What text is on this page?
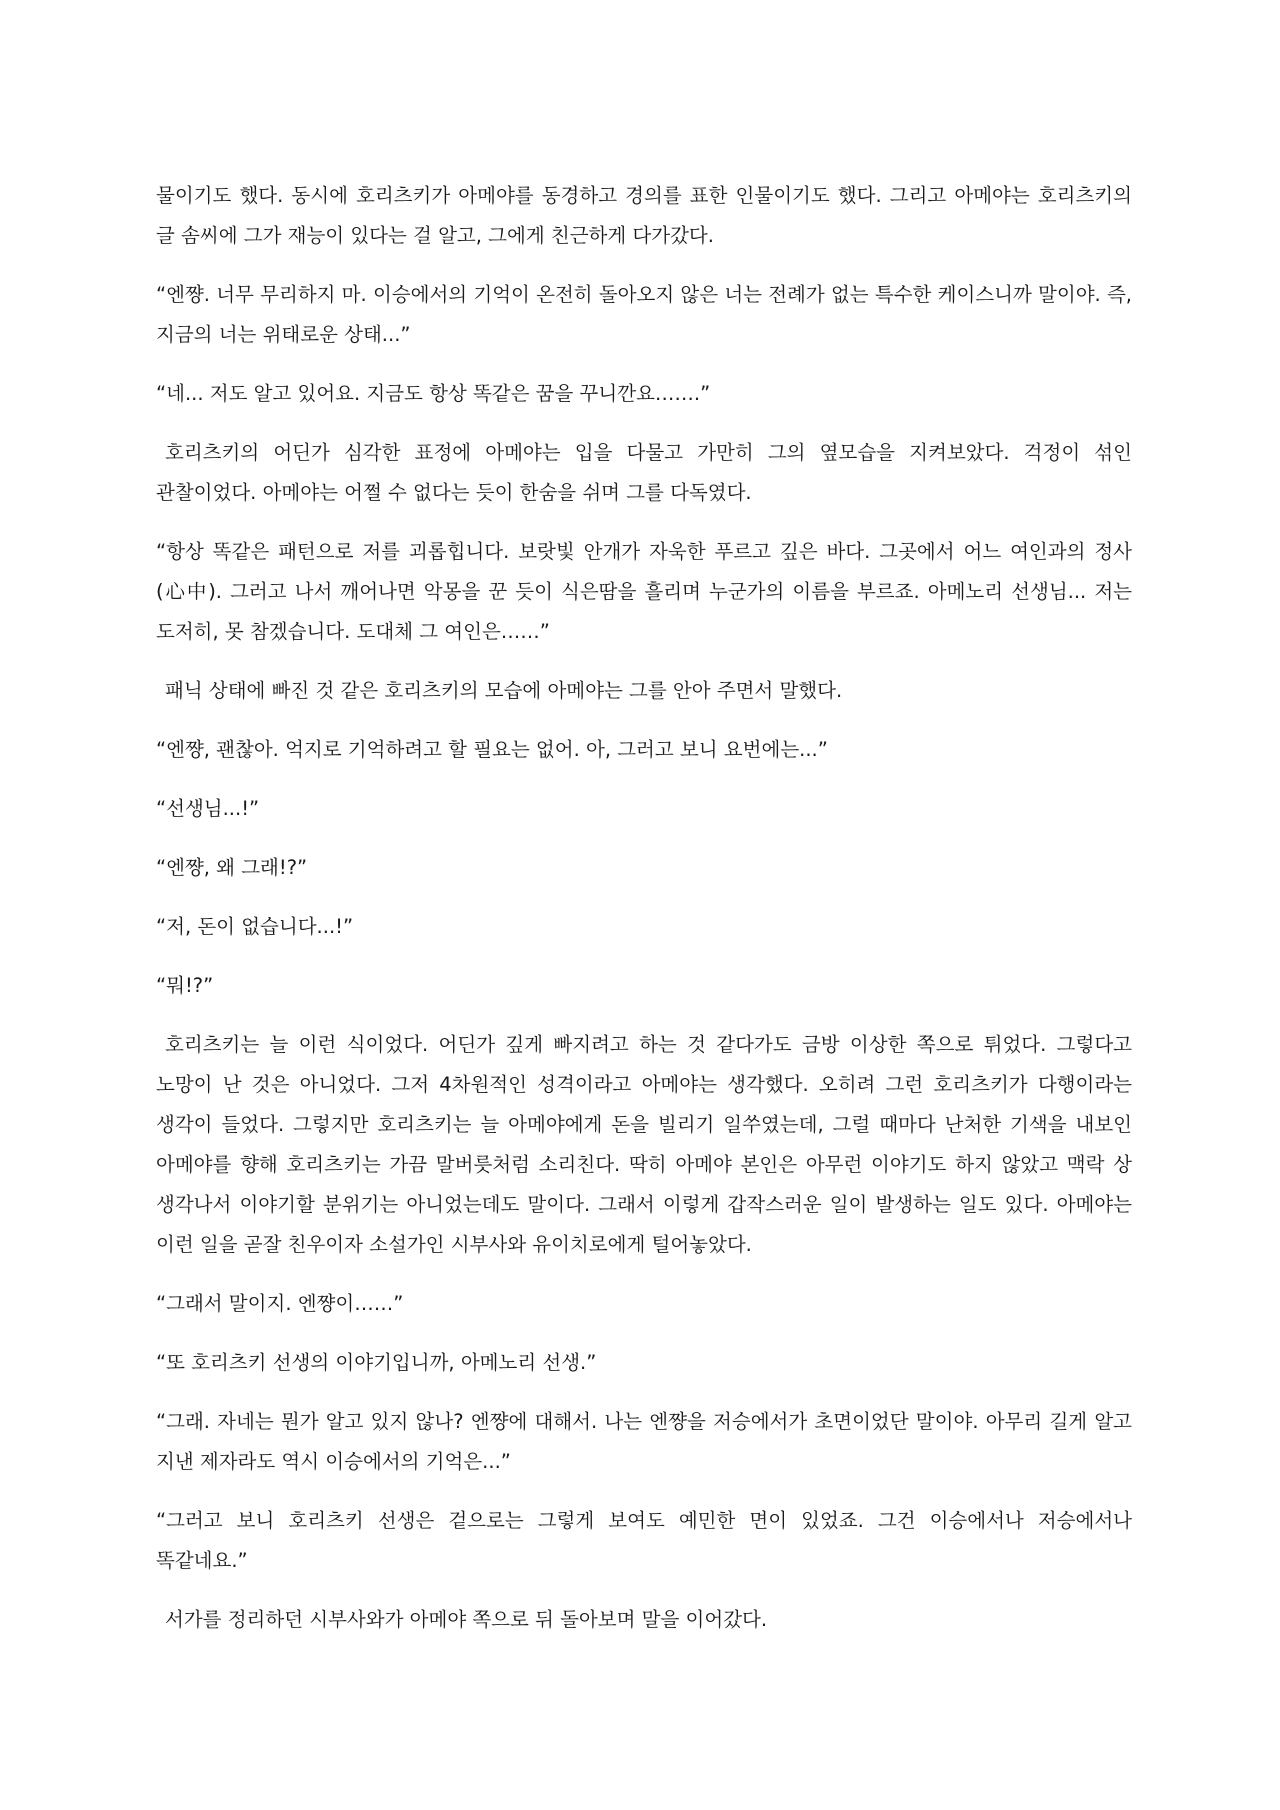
물이기도 했다. 동시에 호리츠키가 아메야를 동경하고 경의를 표한 인물이기도 했다. 그리고 아메야는 호리츠키의 글 솜씨에 그가 재능이 있다는 걸 알고, 그에게 친근하게 다가갔다.

“엔쨩. 너무 무리하지 마. 이승에서의 기억이 온전히 돌아오지 않은 너는 전례가 없는 특수한 케이스니까 말이야. 즉, 지금의 너는 위태로운 상태...”

“네... 저도 알고 있어요. 지금도 항상 똑같은 꿈을 꾸니깐요…….”

호리츠키의 어딘가 심각한 표정에 아메야는 입을 다물고 가만히 그의 옆모습을 지켜보았다. 걱정이 섞인 관찰이었다. 아메야는 어쩔 수 없다는 듯이 한숨을 쉬며 그를 다독였다.

“항상 똑같은 패턴으로 저를 괴롭힙니다. 보랏빛 안개가 자욱한 푸르고 깊은 바다. 그곳에서 어느 여인과의 정사(心中). 그러고 나서 깨어나면 악몽을 꾼 듯이 식은땀을 흘리며 누군가의 이름을 부르죠. 아메노리 선생님... 저는 도저히, 못 참겠습니다. 도대체 그 여인은……”

패닉 상태에 빠진 것 같은 호리츠키의 모습에 아메야는 그를 안아 주면서 말했다.

“엔쨩, 괜찮아. 억지로 기억하려고 할 필요는 없어. 아, 그러고 보니 요번에는...”

“선생님...!”

“엔쨩, 왜 그래!?”

“저, 돈이 없습니다...!”

“뭐!?”

호리츠키는 늘 이런 식이었다. 어딘가 깊게 빠지려고 하는 것 같다가도 금방 이상한 쪽으로 튀었다. 그렇다고 노망이 난 것은 아니었다. 그저 4차원적인 성격이라고 아메야는 생각했다. 오히려 그런 호리츠키가 다행이라는 생각이 들었다. 그렇지만 호리츠키는 늘 아메야에게 돈을 빌리기 일쑤였는데, 그럴 때마다 난처한 기색을 내보인 아메야를 향해 호리츠키는 가끔 말버릇처럼 소리친다. 딱히 아메야 본인은 아무런 이야기도 하지 않았고 맥락 상 생각나서 이야기할 분위기는 아니었는데도 말이다. 그래서 이렇게 갑작스러운 일이 발생하는 일도 있다. 아메야는 이런 일을 곧잘 친우이자 소설가인 시부사와 유이치로에게 털어놓았다.

“그래서 말이지. 엔쨩이……”

“또 호리츠키 선생의 이야기입니까, 아메노리 선생.”

“그래. 자네는 뭔가 알고 있지 않나? 엔쨩에 대해서. 나는 엔쨩을 저승에서가 초면이었단 말이야. 아무리 길게 알고 지낸 제자라도 역시 이승에서의 기억은...”

“그러고 보니 호리츠키 선생은 겉으로는 그렇게 보여도 예민한 면이 있었죠. 그건 이승에서나 저승에서나 똑같네요.”

서가를 정리하던 시부사와가 아메야 쪽으로 뒤 돌아보며 말을 이어갔다.
